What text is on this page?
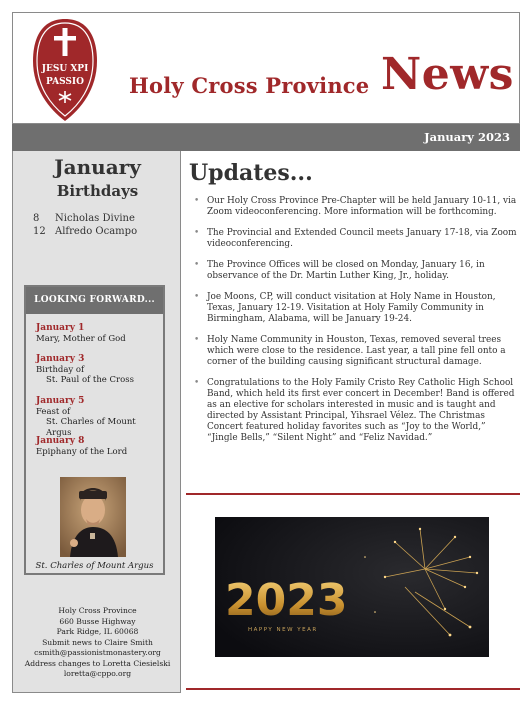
JESU XPI
PASSIO Holy Cross Province News
January 2023
January
Birthdays
8	Nicholas Divine
12 Alfredo Ocampo
LOOKING FORWARD...
January 1
Mary, Mother of God
January 3
Birthday of
St. Paul of the Cross
January 5
Feast of
St. Charles of Mount Argus
January 8
Epiphany of the Lord
St. Charles of Mount Argus
Holy Cross Province
660 Busse Highway
Park Ridge, IL 60068
Submit news to Claire Smith
csmith@passionistmonastery.org
Address changes to Loretta Ciesielski
loretta@cppo.org
Updates...
• Our Holy Cross Province Pre-Chapter will be held January 10-11, via Zoom videoconferencing. More information will be forthcoming.
• The Provincial and Extended Council meets January 17-18, via Zoom videoconferencing.
• The Province Offices will be closed on Monday, January 16, in observance of the Dr. Martin Luther King, Jr., holiday.
• Joe Moons, CP, will conduct visitation at Holy Name in Houston, Texas, January 12-19. Visitation at Holy Family Community in Birmingham, Alabama, will be January 19-24.
• Holy Name Community in Houston, Texas, removed several trees which were close to the residence. Last year, a tall pine fell onto a corner of the building causing significant structural damage.
• Congratulations to the Holy Family Cristo Rey Catholic High School Band, which held its first ever concert in December! Band is offered as an elective for scholars interested in music and is taught and directed by Assistant Principal, Yihsrael Vélez. The Christmas Concert featured holiday favorites such as “Joy to the World,” “Jingle Bells,” “Silent Night” and “Feliz Navidad.”
2023
HAPPY NEW YEAR
